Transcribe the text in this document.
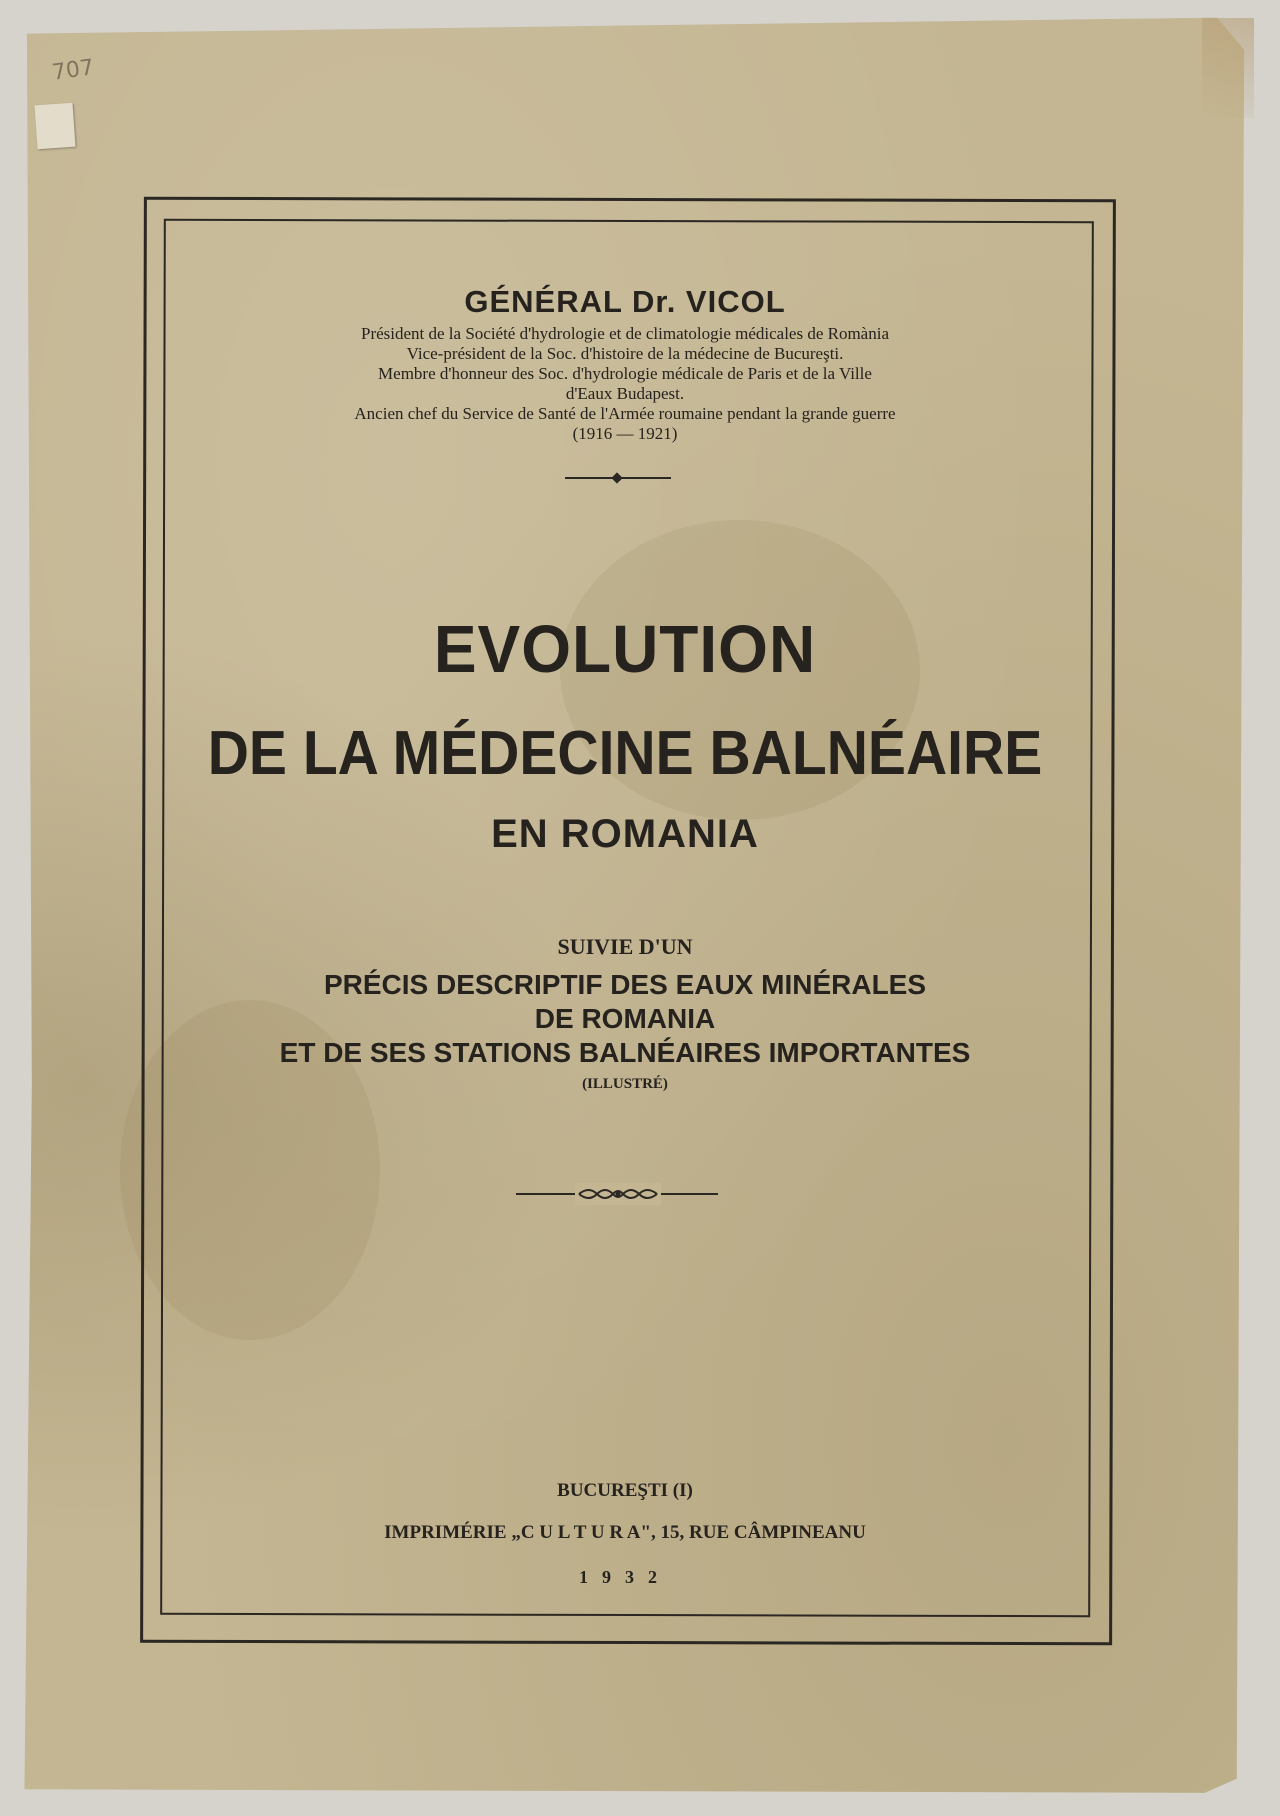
707
GÉNÉRAL Dr. VICOL
Président de la Société d'hydrologie et de climatologie médicales de Romània
Vice-président de la Soc. d'histoire de la médecine de Bucureşti.
Membre d'honneur des Soc. d'hydrologie médicale de Paris et de la Ville
d'Eaux Budapest.
Ancien chef du Service de Santé de l'Armée roumaine pendant la grande guerre
(1916 — 1921)
EVOLUTION
DE LA MÉDECINE BALNÉAIRE
EN ROMANIA
SUIVIE D'UN
PRÉCIS DESCRIPTIF DES EAUX MINÉRALES
DE ROMANIA
ET DE SES STATIONS BALNÉAIRES IMPORTANTES
(ILLUSTRÉ)
BUCUREŞTI (I)
IMPRIMÉRIE „C U L T U R A", 15, RUE CÂMPINEANU
1932
